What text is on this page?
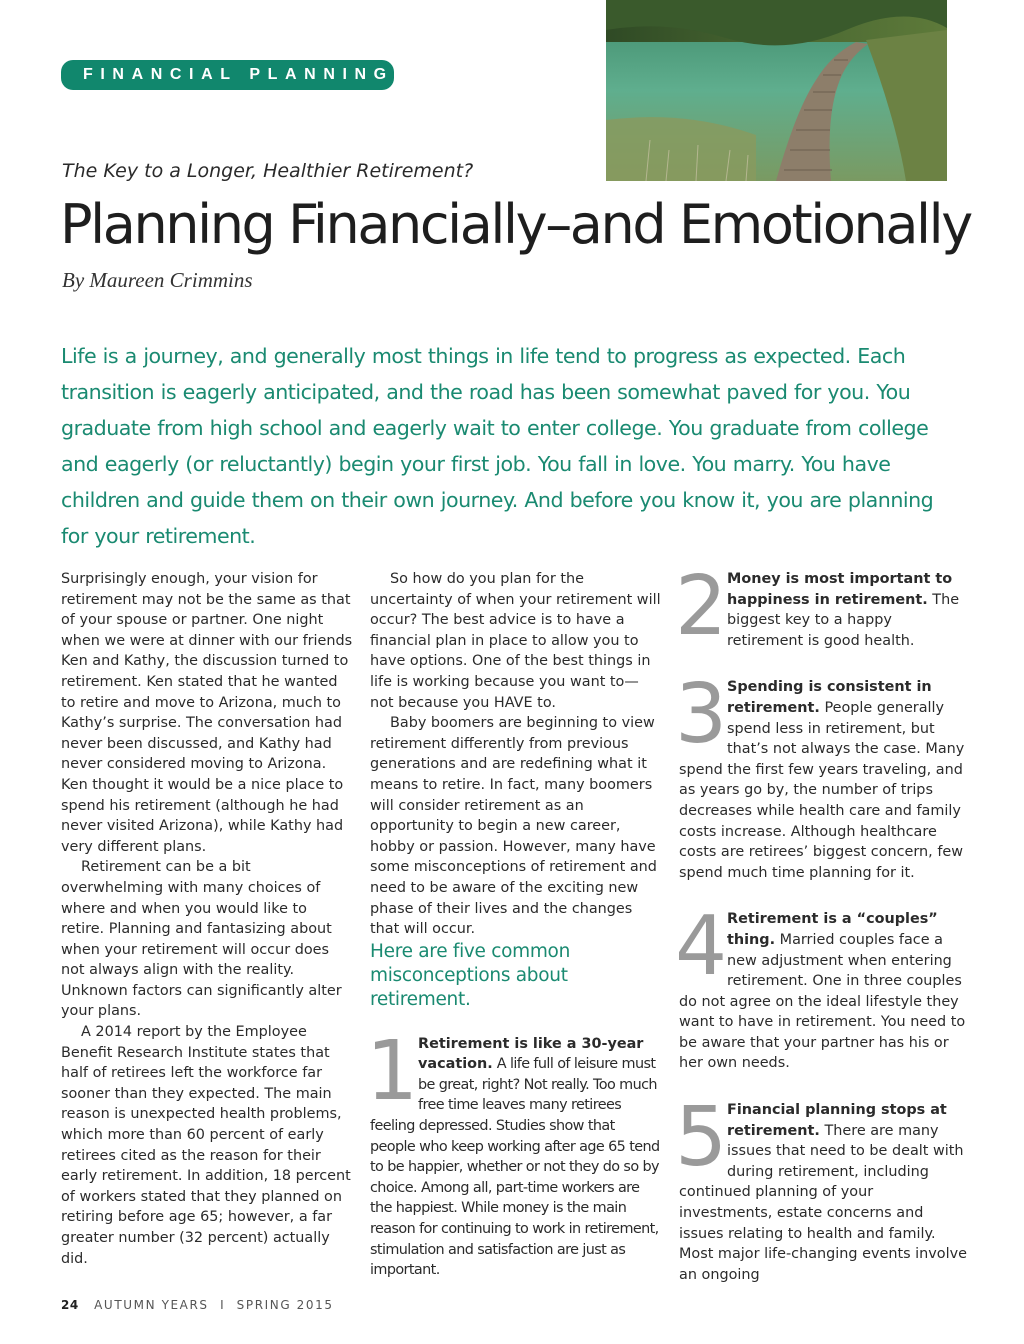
FINANCIAL PLANNING
The Key to a Longer, Healthier Retirement?
Planning Financially–and Emotionally
By Maureen Crimmins

Life is a journey, and generally most things in life tend to progress as expected. Each transition is eagerly anticipated, and the road has been somewhat paved for you. You graduate from high school and eagerly wait to enter college. You graduate from college and eagerly (or reluctantly) begin your first job. You fall in love. You marry. You have children and guide them on their own journey. And before you know it, you are planning for your retirement.

Surprisingly enough, your vision for retirement may not be the same as that of your spouse or partner. One night when we were at dinner with our friends Ken and Kathy, the discussion turned to retirement. Ken stated that he wanted to retire and move to Arizona, much to Kathy’s surprise. The conversation had never been discussed, and Kathy had never considered moving to Arizona. Ken thought it would be a nice place to spend his retirement (although he had never visited Arizona), while Kathy had very different plans.

Retirement can be a bit overwhelming with many choices of where and when you would like to retire. Planning and fantasizing about when your retirement will occur does not always align with the reality. Unknown factors can significantly alter your plans.

A 2014 report by the Employee Benefit Research Institute states that half of retirees left the workforce far sooner than they expected. The main reason is unexpected health problems, which more than 60 percent of early retirees cited as the reason for their early retirement. In addition, 18 percent of workers stated that they planned on retiring before age 65; however, a far greater number (32 percent) actually did.

So how do you plan for the uncertainty of when your retirement will occur? The best advice is to have a financial plan in place to allow you to have options. One of the best things in life is working because you want to—not because you HAVE to.

Baby boomers are beginning to view retirement differently from previous generations and are redefining what it means to retire. In fact, many boomers will consider retirement as an opportunity to begin a new career, hobby or passion. However, many have some misconceptions of retirement and need to be aware of the exciting new phase of their lives and the changes that will occur.

Here are five common misconceptions about retirement.

1 Retirement is like a 30-year vacation. A life full of leisure must be great, right? Not really. Too much free time leaves many retirees feeling depressed. Studies show that people who keep working after age 65 tend to be happier, whether or not they do so by choice. Among all, part-time workers are the happiest. While money is the main reason for continuing to work in retirement, stimulation and satisfaction are just as important.
2 Money is most important to happiness in retirement. The biggest key to a happy retirement is good health.
3 Spending is consistent in retirement. People generally spend less in retirement, but that’s not always the case. Many spend the first few years traveling, and as years go by, the number of trips decreases while health care and family costs increase. Although healthcare costs are retirees’ biggest concern, few spend much time planning for it.
4 Retirement is a “couples” thing. Married couples face a new adjustment when entering retirement. One in three couples do not agree on the ideal lifestyle they want to have in retirement. You need to be aware that your partner has his or her own needs.
5 Financial planning stops at retirement. There are many issues that need to be dealt with during retirement, including continued planning of your investments, estate concerns and issues relating to health and family. Most major life-changing events involve an ongoing
24 AUTUMN YEARS I SPRING 2015
